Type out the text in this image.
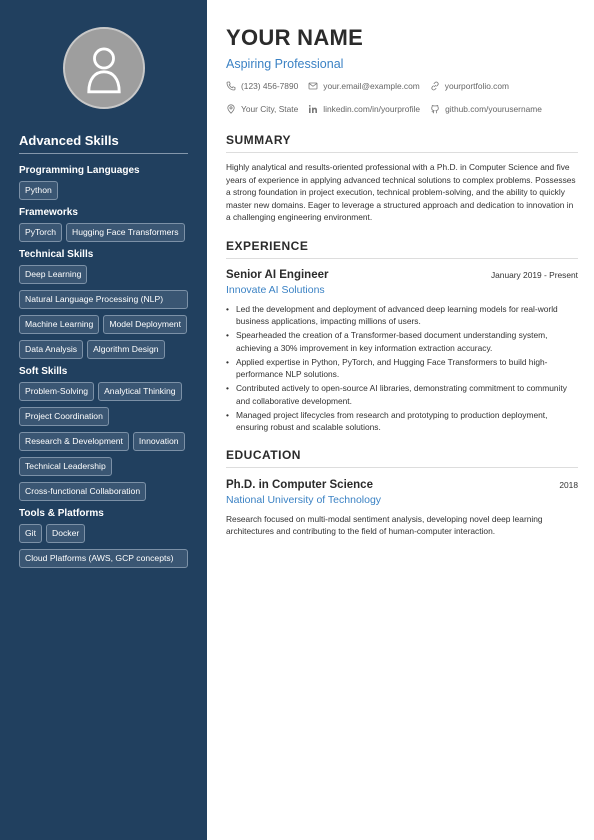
Advanced Skills
Programming Languages
Python
Frameworks
PyTorch	Hugging Face Transformers
Technical Skills
Deep Learning
Natural Language Processing (NLP)
Machine Learning	Model Deployment
Data Analysis	Algorithm Design
Soft Skills
Problem-Solving	Analytical Thinking
Project Coordination
Research & Development	Innovation
Technical Leadership
Cross-functional Collaboration
Tools & Platforms
Git	Docker
Cloud Platforms (AWS, GCP concepts)
YOUR NAME
Aspiring Professional
(123) 456-7890	your.email@example.com	yourportfolio.com
Your City, State	linkedin.com/in/yourprofile	github.com/yourusername
SUMMARY
Highly analytical and results-oriented professional with a Ph.D. in Computer Science and five years of experience in applying advanced technical solutions to complex problems. Possesses a strong foundation in project execution, technical problem-solving, and the ability to quickly master new domains. Eager to leverage a structured approach and dedication to innovation in a challenging engineering environment.
EXPERIENCE
Senior AI Engineer	January 2019 - Present
Innovate AI Solutions
• Led the development and deployment of advanced deep learning models for real-world business applications, impacting millions of users.
• Spearheaded the creation of a Transformer-based document understanding system, achieving a 30% improvement in key information extraction accuracy.
• Applied expertise in Python, PyTorch, and Hugging Face Transformers to build high-performance NLP solutions.
• Contributed actively to open-source AI libraries, demonstrating commitment to community and collaborative development.
• Managed project lifecycles from research and prototyping to production deployment, ensuring robust and scalable solutions.
EDUCATION
Ph.D. in Computer Science	2018
National University of Technology
Research focused on multi-modal sentiment analysis, developing novel deep learning architectures and contributing to the field of human-computer interaction.
